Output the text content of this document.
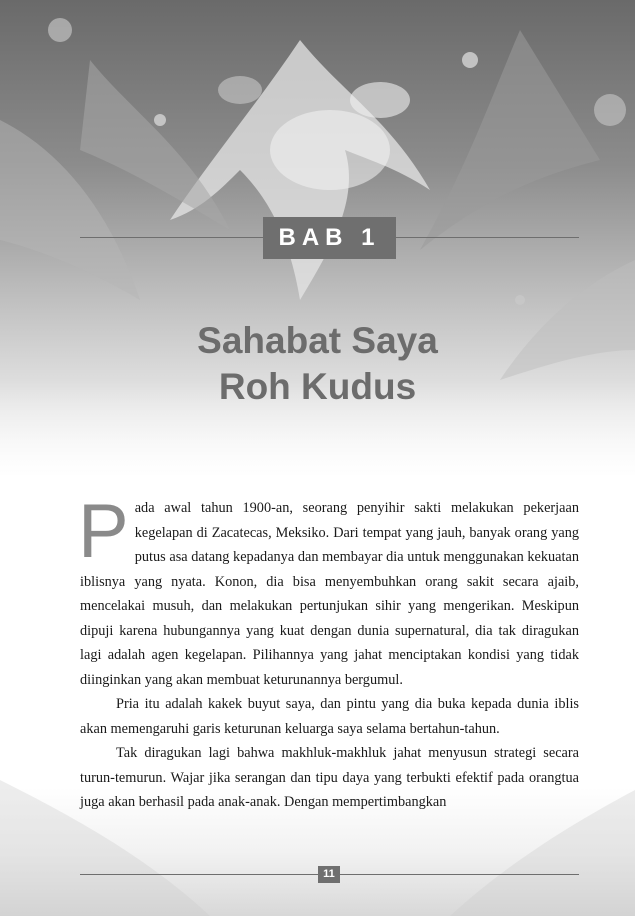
BAB 1
Sahabat Saya
Roh Kudus

Pada awal tahun 1900-an, seorang penyihir sakti melakukan pekerjaan kegelapan di Zacatecas, Meksiko. Dari tempat yang jauh, banyak orang yang putus asa datang kepadanya dan membayar dia untuk menggunakan kekuatan iblisnya yang nyata. Konon, dia bisa menyembuhkan orang sakit secara ajaib, mencelakai musuh, dan melakukan pertunjukan sihir yang mengerikan. Meskipun dipuji karena hubungannya yang kuat dengan dunia supernatural, dia tak diragukan lagi adalah agen kegelapan. Pilihannya yang jahat menciptakan kondisi yang tidak diinginkan yang akan membuat keturunannya bergumul.

Pria itu adalah kakek buyut saya, dan pintu yang dia buka kepada dunia iblis akan memengaruhi garis keturunan keluarga saya selama bertahun-tahun.

Tak diragukan lagi bahwa makhluk-makhluk jahat menyusun strategi secara turun-temurun. Wajar jika serangan dan tipu daya yang terbukti efektif pada orangtua juga akan berhasil pada anak-anak. Dengan mempertimbangkan

11
